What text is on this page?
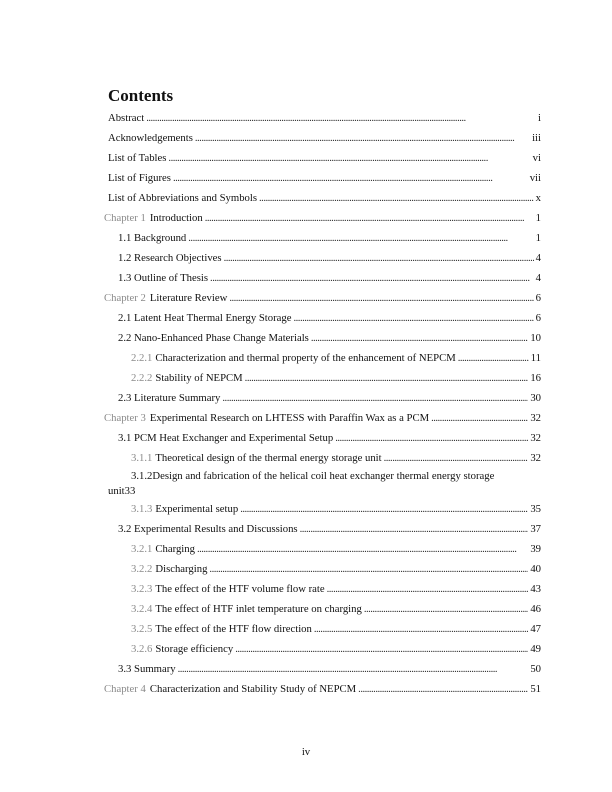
Contents
Abstract . . .	i
Acknowledgements . . .	iii
List of Tables . . .	vi
List of Figures . . .	vii
List of Abbreviations and Symbols . . .	x
Chapter 1 Introduction . . .	1
1.1 Background . . .	1
1.2 Research Objectives . . .	4
1.3 Outline of Thesis . . .	4
Chapter 2 Literature Review . . .	6
2.1 Latent Heat Thermal Energy Storage . . .	6
2.2 Nano-Enhanced Phase Change Materials . . .	10
2.2.1 Characterization and thermal property of the enhancement of NEPCM . . .	11
2.2.2 Stability of NEPCM . . .	16
2.3 Literature Summary . . .	30
Chapter 3 Experimental Research on LHTESS with Paraffin Wax as a PCM . . .	32
3.1 PCM Heat Exchanger and Experimental Setup . . .	32
3.1.1 Theoretical design of the thermal energy storage unit . . .	32
3.1.2Design and fabrication of the helical coil heat exchanger thermal energy storage
unit 33
3.1.3 Experimental setup . . .	35
3.2 Experimental Results and Discussions . . .	37
3.2.1 Charging . . .	39
3.2.2 Discharging . . .	40
3.2.3 The effect of the HTF volume flow rate . . .	43
3.2.4 The effect of HTF inlet temperature on charging . . .	46
3.2.5 The effect of the HTF flow direction . . .	47
3.2.6 Storage efficiency . . .	49
3.3 Summary . . .	50
Chapter 4 Characterization and Stability Study of NEPCM . . .	51
iv
